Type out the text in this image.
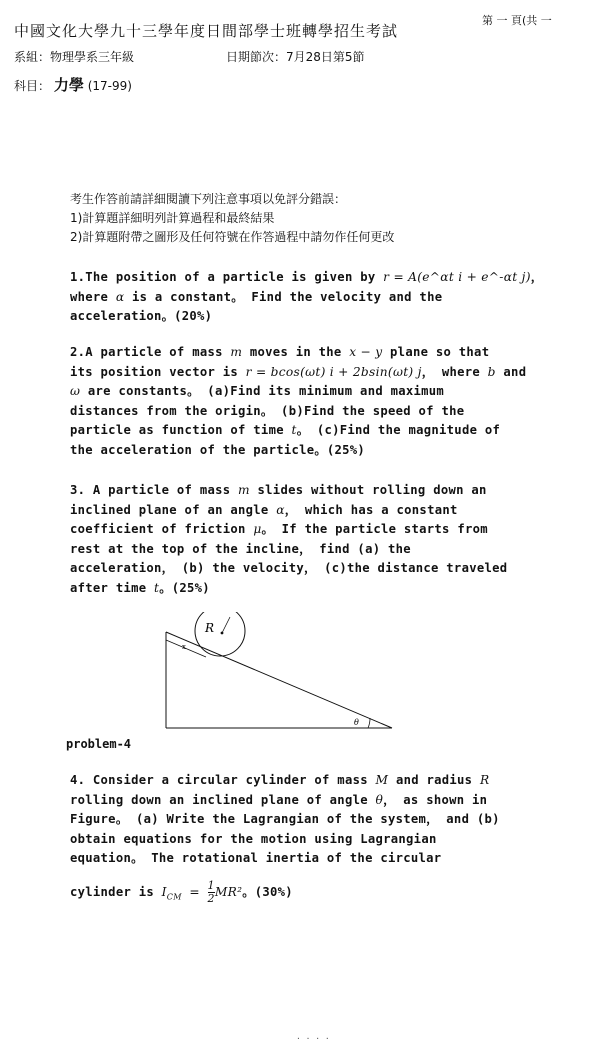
中國文化大學九十三學年度日間部學士班轉學招生考試
第 一 頁(共 一
系組：物理學系三年級	日期節次：7月28日第5節
科目： 力學 (17-99)
考生作答前請詳細閱讀下列注意事項以免評分錯誤：
1)計算題詳細明列計算過程和最終結果
2)計算題附帶之圖形及任何符號在作答過程中請勿作任何更改
1.The position of a particle is given by r = A(e^αt i + e^-αt j)，
where α is a constant。 Find the velocity and the
acceleration。(20%)
2.A particle of mass m moves in the x − y plane so that
its position vector is r = bcos(ωt) i + 2bsin(ωt) j， where b and
ω are constants。 (a)Find its minimum and maximum
distances from the origin。 (b)Find the speed of the
particle as function of time t。 (c)Find the magnitude of
the acceleration of the particle。(25%)
3. A particle of mass m slides without rolling down an
inclined plane of an angle α， which has a constant
coefficient of friction μ。 If the particle starts from
rest at the top of the incline， find (a) the
acceleration， (b) the velocity， (c)the distance traveled
after time t。(25%)
R
x
θ
problem-4
4. Consider a circular cylinder of mass M and radius R
rolling down an inclined plane of angle θ， as shown in
Figure。 (a) Write the Lagrangian of the system， and (b)
obtain equations for the motion using Lagrangian
equation。 The rotational inertia of the circular
cylinder is $I_{CM} = \frac{1}{2} MR^2$。(30%)
. . . .
